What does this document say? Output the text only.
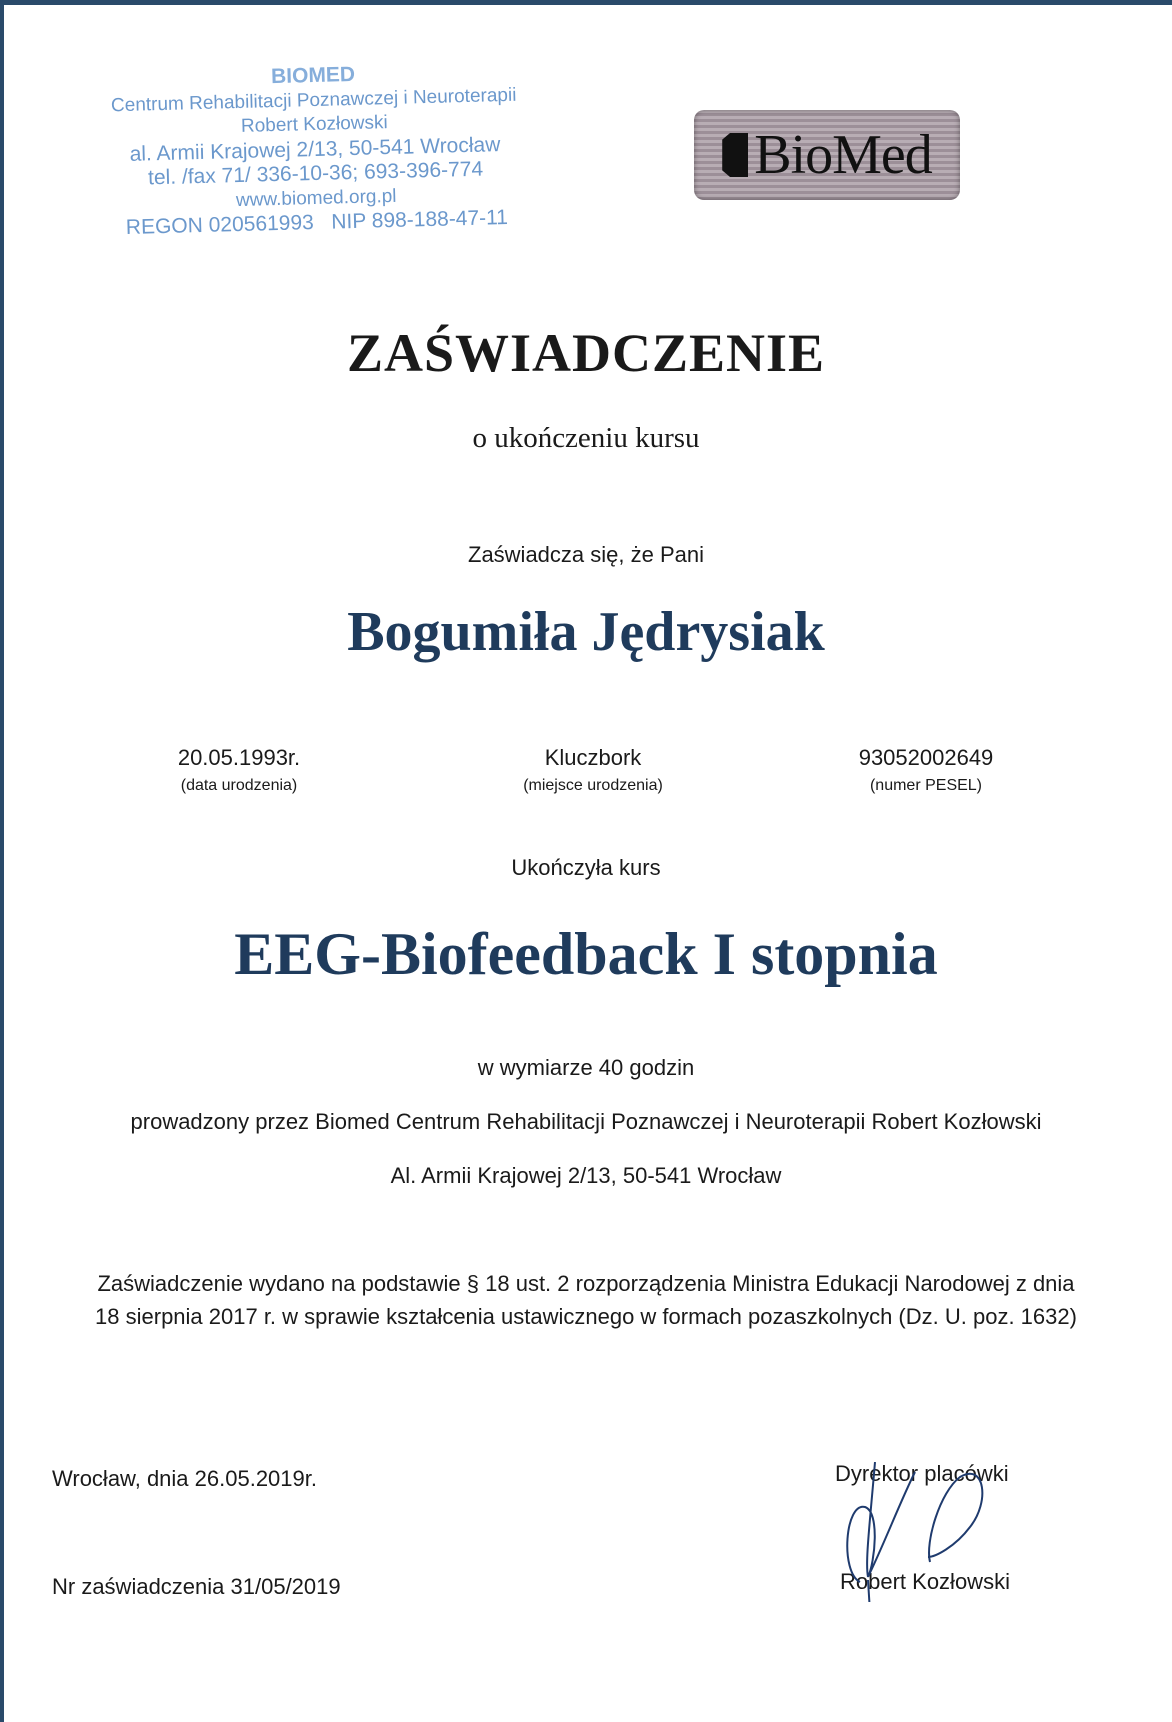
BIOMED
Centrum Rehabilitacji Poznawczej i Neuroterapii
Robert Kozłowski
al. Armii Krajowej 2/13, 50-541 Wrocław
tel. /fax 71/ 336-10-36; 693-396-774
www.biomed.org.pl
REGON 020561993   NIP 898-188-47-11
BioMed
ZAŚWIADCZENIE
o ukończeniu kursu
Zaświadcza się, że Pani
Bogumiła Jędrysiak
20.05.1993r.
(data urodzenia)
Kluczbork
(miejsce urodzenia)
93052002649
(numer PESEL)
Ukończyła kurs
EEG-Biofeedback I stopnia
w wymiarze 40 godzin
prowadzony przez Biomed Centrum Rehabilitacji Poznawczej i Neuroterapii Robert Kozłowski
Al. Armii Krajowej 2/13, 50-541 Wrocław
Zaświadczenie wydano na podstawie § 18 ust. 2 rozporządzenia Ministra Edukacji Narodowej z dnia
18 sierpnia 2017 r. w sprawie kształcenia ustawicznego w formach pozaszkolnych (Dz. U. poz. 1632)
Wrocław, dnia 26.05.2019r.
Nr zaświadczenia 31/05/2019
Dyrektor placówki
Robert Kozłowski
